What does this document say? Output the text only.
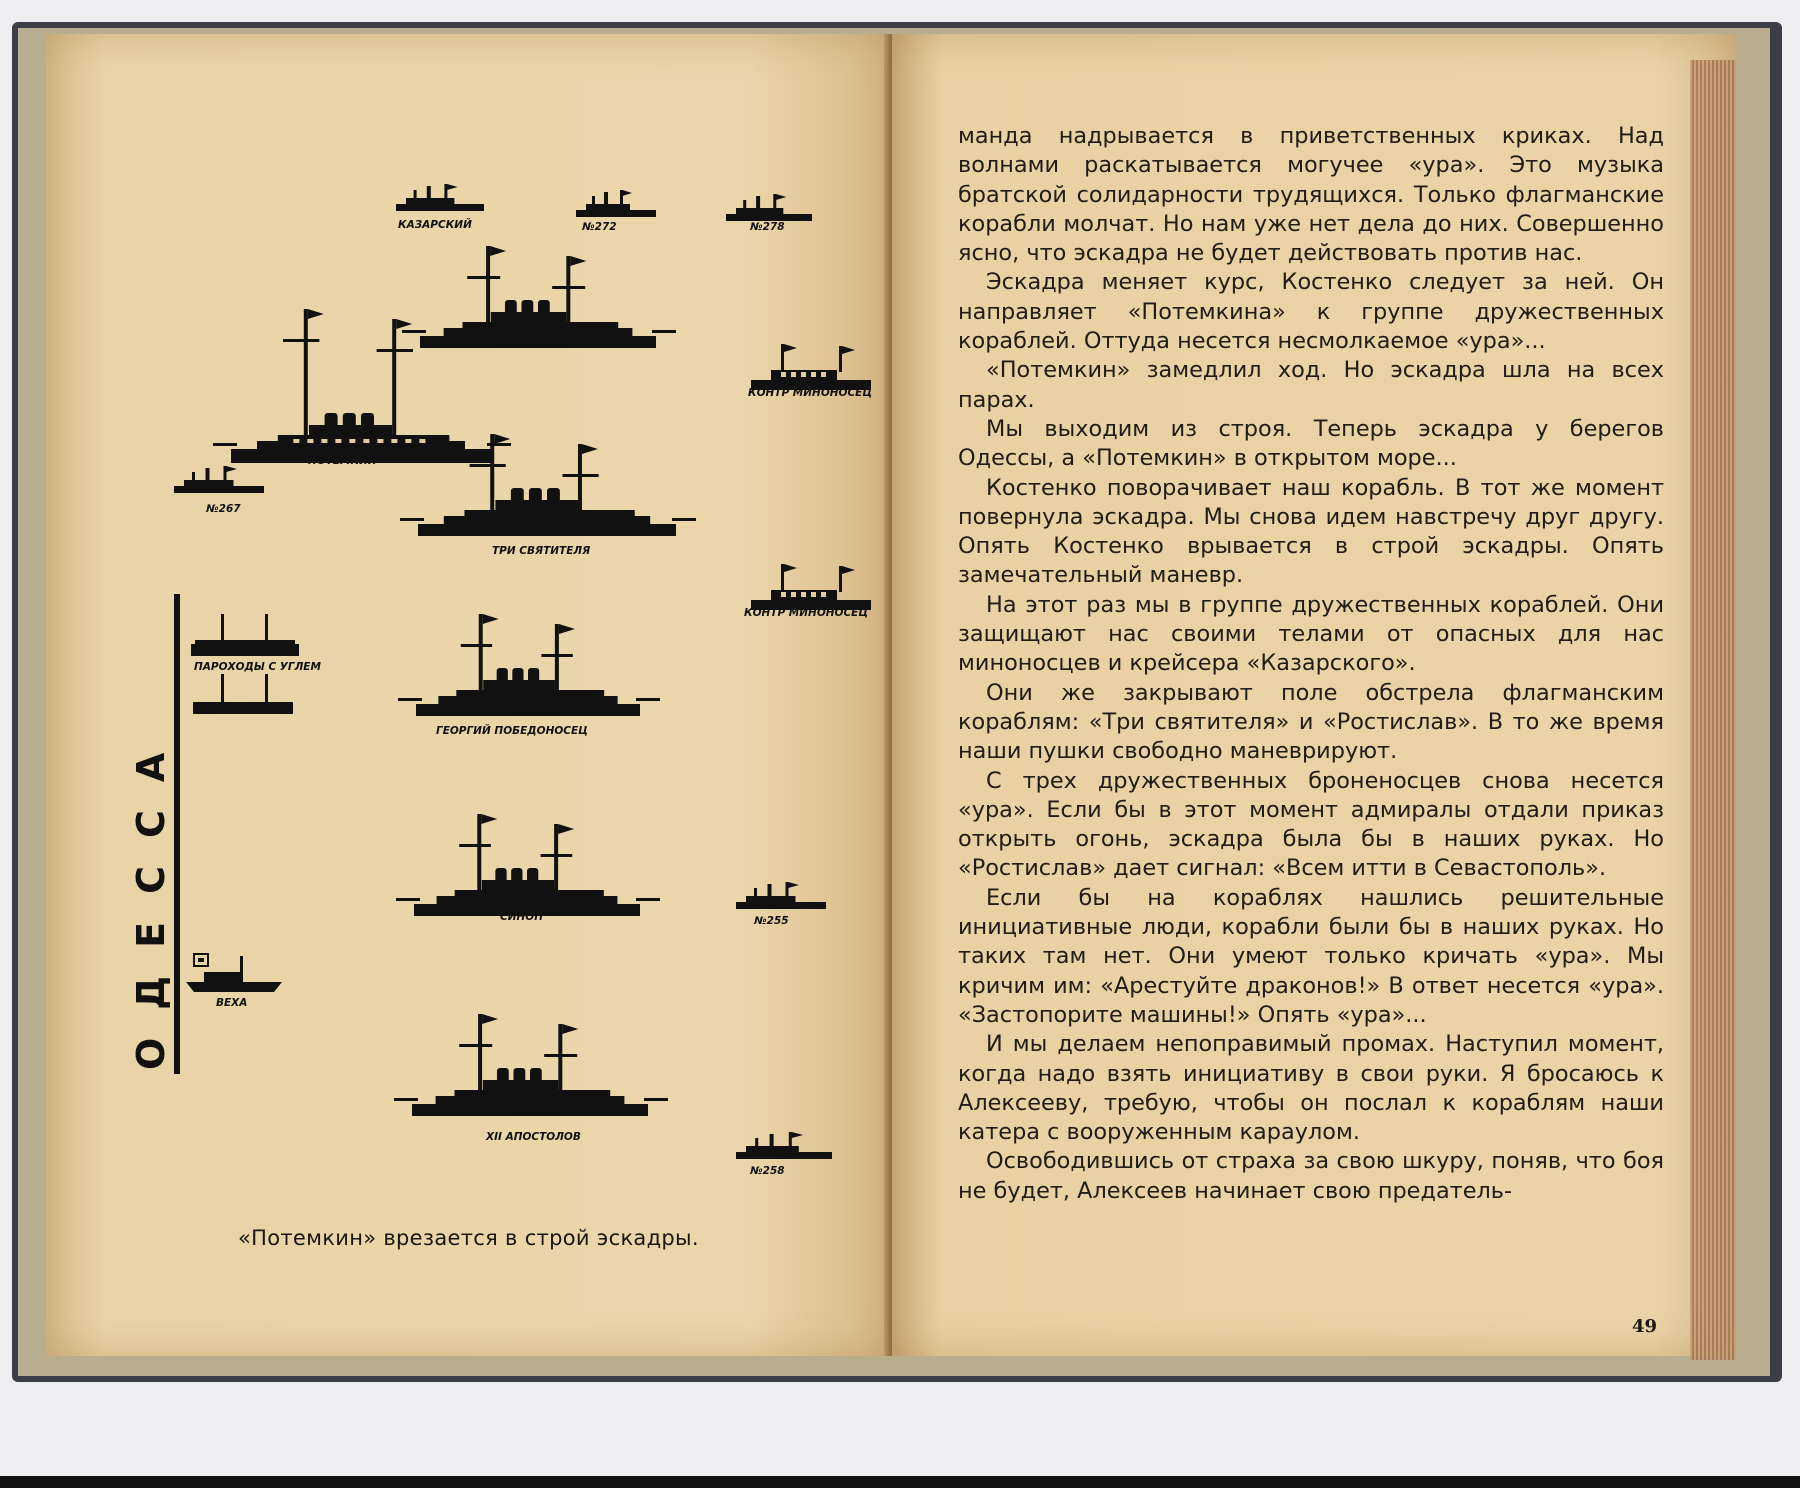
ОДЕССА
КАЗАРСКИЙ	№272	№278
РОСТИСЛАВ
КОНТР МИНОНОСЕЦ
ПОТЕМКИН
№267
ТРИ СВЯТИТЕЛЯ
КОНТР МИНОНОСЕЦ
ПАРОХОДЫ С УГЛЕМ
ГЕОРГИЙ ПОБЕДОНОСЕЦ
СИНОП	№255
ВЕХА
XII АПОСТОЛОВ
№258
«Потемкин» врезается в строй эскадры.

манда надрывается в приветственных криках. Над волнами раскатывается могучее «ура». Это музыка братской солидарности трудящихся. Только флагманские корабли молчат. Но нам уже нет дела до них. Совершенно ясно, что эскадра не будет действовать против нас.

Эскадра меняет курс, Костенко следует за ней. Он направляет «Потемкина» к группе дружественных кораблей. Оттуда несется несмолкаемое «ура»...

«Потемкин» замедлил ход. Но эскадра шла на всех парах.

Мы выходим из строя. Теперь эскадра у берегов Одессы, а «Потемкин» в открытом море...

Костенко поворачивает наш корабль. В тот же момент повернула эскадра. Мы снова идем навстречу друг другу. Опять Костенко врывается в строй эскадры. Опять замечательный маневр.

На этот раз мы в группе дружественных кораблей. Они защищают нас своими телами от опасных для нас миноносцев и крейсера «Казарского».

Они же закрывают поле обстрела флагманским кораблям: «Три святителя» и «Ростислав». В то же время наши пушки свободно маневрируют.

С трех дружественных броненосцев снова несется «ура». Если бы в этот момент адмиралы отдали приказ открыть огонь, эскадра была бы в наших руках. Но «Ростислав» дает сигнал: «Всем итти в Севастополь».

Если бы на кораблях нашлись решительные инициативные люди, корабли были бы в наших руках. Но таких там нет. Они умеют только кричать «ура». Мы кричим им: «Арестуйте драконов!» В ответ несется «ура». «Застопорите машины!» Опять «ура»...

И мы делаем непоправимый промах. Наступил момент, когда надо взять инициативу в свои руки. Я бросаюсь к Алексееву, требую, чтобы он послал к кораблям наши катера с вооруженным караулом.

Освободившись от страха за свою шкуру, поняв, что боя не будет, Алексеев начинает свою предатель-

49
